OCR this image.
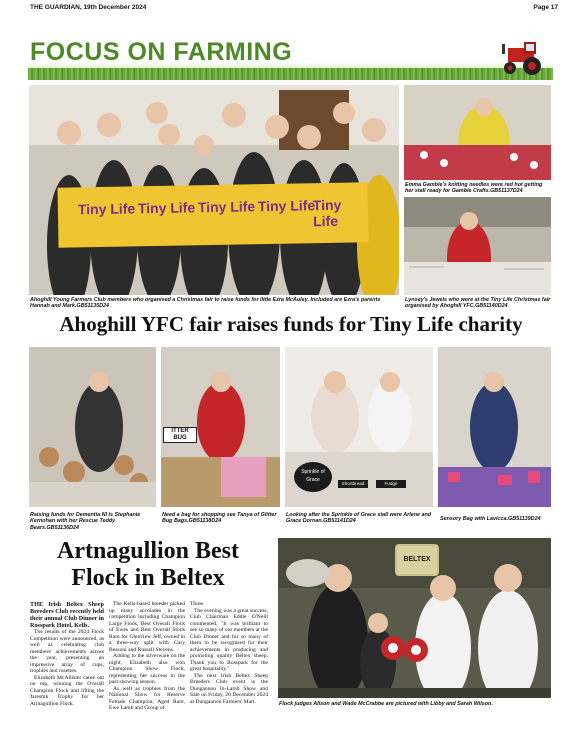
THE GUARDIAN, 19th December 2024	Page 17
FOCUS ON FARMING
Tiny Life Tiny Life Tiny Life Tiny Life
Tiny Life
Ahoghill Young Farmers Club members who organised a Christmas fair to raise funds for little Ezra McAuley. Included are Ezra's parents Hannah and Mark.GB51135D24
Emma Gamble's knitting needles were red hot getting her stall ready for Gamble Crafts.GB51137D24
Lynsey's Jewels who were at the Tiny Life Christmas fair organised by Ahoghill YFC.GB51140D24
Ahoghill YFC fair raises funds for Tiny Life charity
ITTER BUG
Sprinkle of Grace
Shortbread	Fudge
Raising funds for Dementia NI is Stephanie Kernohan with her Rescue Teddy Bears.GB51136D24
Need a bag for shopping see Tanya of Glitter Bug Bags.GB51138D24
Looking after the Sprinkle of Grace stall were Arlene and Grace Dornan.GB51141D24	Sensory Bag with Lavicca.GB51139D24
Artnagullion Best Flock in Beltex

THE Irish Beltex Sheep Breeders Club recently held their annual Club Dinner in Rosspark Hotel, Kells.

The results of the 2024 Flock Competition were announced, as well as celebrating club members' achievements across the year, presenting an impressive array of cups, trophies and rosettes.

Elizabeth McAllister came out on top, winning the Overall Champion Flock and lifting the Jaresmk Trophy for her Artnagullion Flock.

The Kells-based breeder picked up many accolades in the competition including Champion Large Flock, Best Overall Flock of Ewes and Best Overall Stock Ram for Glenview Jeff, owned in a three-way split with Gary Bessoni and Russell Stevens.

Adding to the silverware on the night, Elizabeth also won Champion Show Flock, representing her success in the past showing season.

As well as trophies from the National Show for Reserve Female Champion, Aged Ram, Ewe Lamb and Group of

Three.

The evening was a great success, Club Chairman Eddie O'Neill commented, "It was brilliant to see so many of our members at the Club Dinner and for so many of them to be recognised for their achievements in producing and promoting quality Beltex sheep. Thank you to Rosspark for the great hospitality."

The next Irish Beltex Sheep Breeders Club event is the Dungannon In-Lamb Show and Sale on Friday, 20 December 2024 at Dungannon Farmers' Mart.

BELTEX
Flock judges Alison and Wade McCrabbe are pictured with Libby and Sarah Wilson.
